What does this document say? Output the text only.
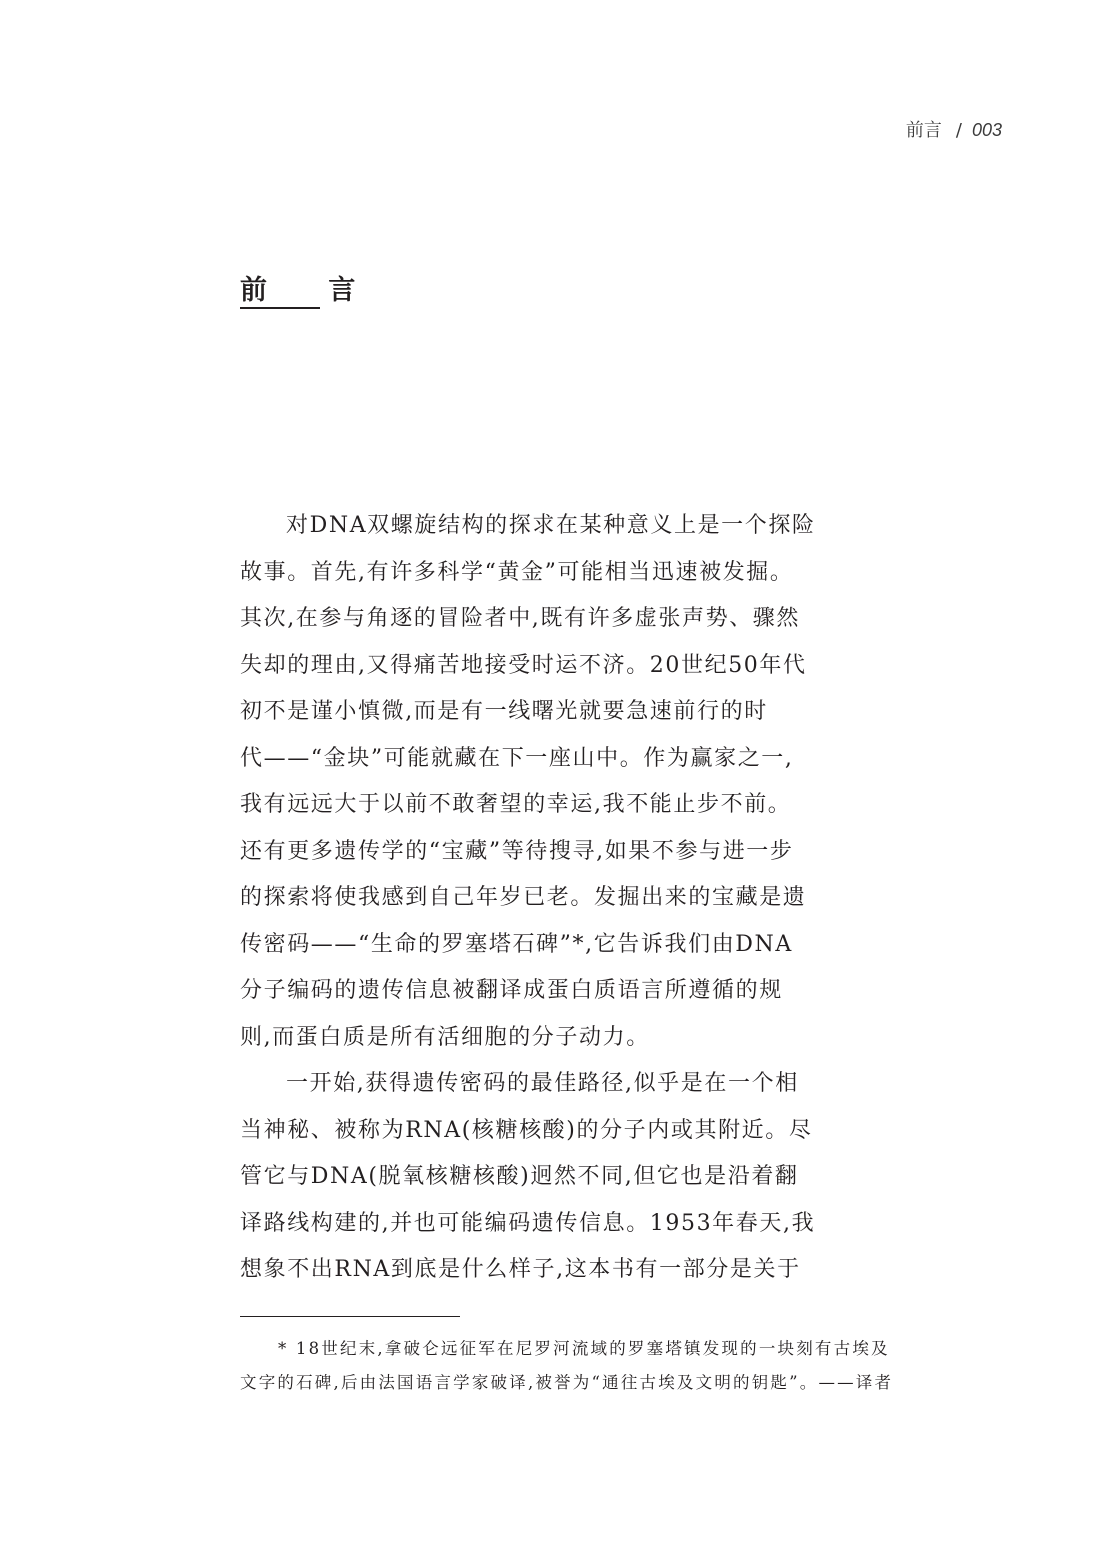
前言 / 003
前 言
对DNA双螺旋结构的探求在某种意义上是一个探险
故事。首先,有许多科学“黄金”可能相当迅速被发掘。
其次,在参与角逐的冒险者中,既有许多虚张声势、骤然
失却的理由,又得痛苦地接受时运不济。20世纪50年代
初不是谨小慎微,而是有一线曙光就要急速前行的时
代——“金块”可能就藏在下一座山中。作为赢家之一,
我有远远大于以前不敢奢望的幸运,我不能止步不前。
还有更多遗传学的“宝藏”等待搜寻,如果不参与进一步
的探索将使我感到自己年岁已老。发掘出来的宝藏是遗
传密码——“生命的罗塞塔石碑”*,它告诉我们由DNA
分子编码的遗传信息被翻译成蛋白质语言所遵循的规
则,而蛋白质是所有活细胞的分子动力。
一开始,获得遗传密码的最佳路径,似乎是在一个相
当神秘、被称为RNA(核糖核酸)的分子内或其附近。尽
管它与DNA(脱氧核糖核酸)迥然不同,但它也是沿着翻
译路线构建的,并也可能编码遗传信息。1953年春天,我
想象不出RNA到底是什么样子,这本书有一部分是关于
* 18世纪末,拿破仑远征军在尼罗河流域的罗塞塔镇发现的一块刻有古埃及
文字的石碑,后由法国语言学家破译,被誉为“通往古埃及文明的钥匙”。——译者
